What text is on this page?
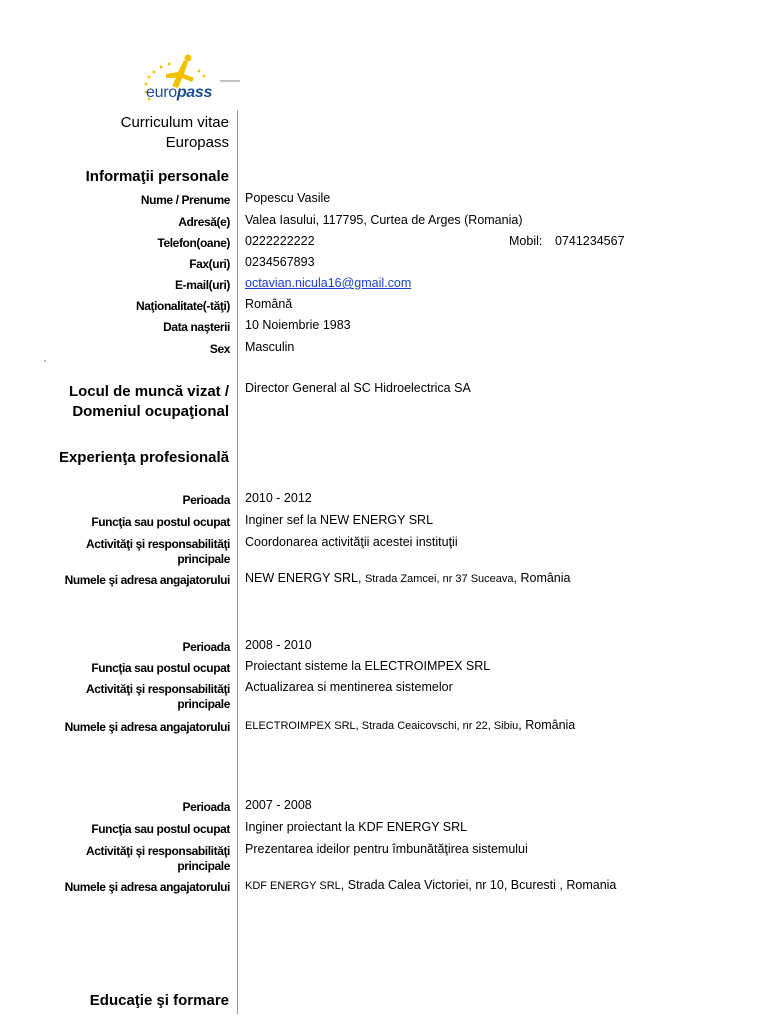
europass
Curriculum vitae
Europass
Informaţii personale
Nume / Prenume Popescu Vasile
Adresă(e) Valea Iasului, 117795, Curtea de Arges (Romania)
Telefon(oane) 0222222222	Mobil: 0741234567
Fax(uri) 0234567893
E-mail(uri) octavian.nicula16@gmail.com
Naţionalitate(-tăţi) Română
Data naşterii 10 Noiembrie 1983
Sex Masculin
Locul de muncă vizat /
Domeniul ocupaţional
Director General al SC Hidroelectrica SA
Experienţa profesională
Perioada 2010 - 2012
Funcţia sau postul ocupat Inginer sef la NEW ENERGY SRL
Activităţi şi responsabilităţi
principale
Coordonarea activităţii acestei instituţii
Numele şi adresa angajatorului NEW ENERGY SRL, Strada Zamcei, nr 37 Suceava, România
Perioada 2008 - 2010
Funcţia sau postul ocupat Proiectant sisteme la ELECTROIMPEX SRL
Activităţi şi responsabilităţi
principale
Actualizarea si mentinerea sistemelor
Numele şi adresa angajatorului ELECTROIMPEX SRL, Strada Ceaicovschi, nr 22, Sibiu, România
Perioada 2007 - 2008
Funcţia sau postul ocupat Inginer proiectant la KDF ENERGY SRL
Activităţi şi responsabilităţi
principale
Prezentarea ideilor pentru îmbunătăţirea sistemului
Numele şi adresa angajatorului KDF ENERGY SRL, Strada Calea Victoriei, nr 10, Bcuresti , Romania
Educaţie şi formare
